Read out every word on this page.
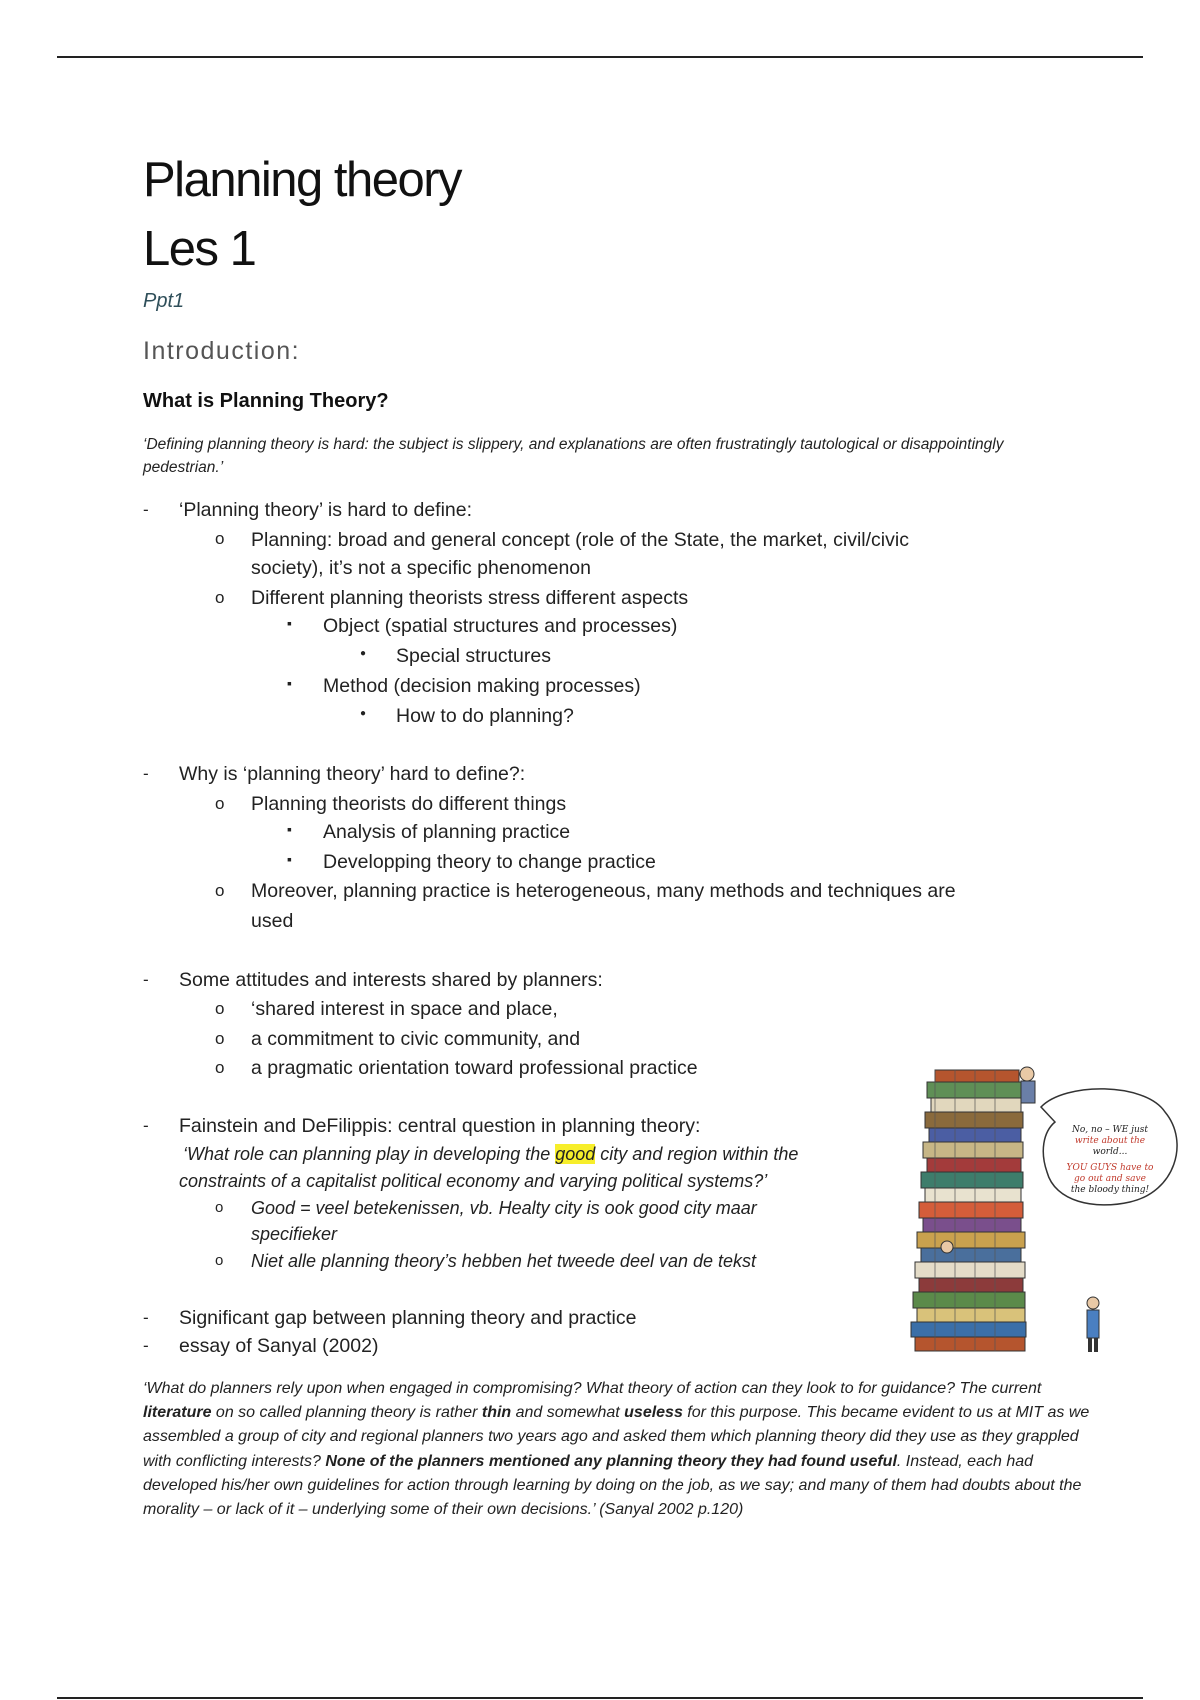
Planning theory
Les 1
Ppt1
Introduction:
What is Planning Theory?
‘Defining planning theory is hard: the subject is slippery, and explanations are often frustratingly tautological or disappointingly pedestrian.’
- ‘Planning theory’ is hard to define:
o Planning: broad and general concept (role of the State, the market, civil/civic
society), it’s not a specific phenomenon
o Different planning theorists stress different aspects
▪ Object (spatial structures and processes)
● Special structures
▪ Method (decision making processes)
● How to do planning?
- Why is ‘planning theory’ hard to define?:
o Planning theorists do different things
▪ Analysis of planning practice
▪ Developping theory to change practice
o Moreover, planning practice is heterogeneous, many methods and techniques are
used
- Some attitudes and interests shared by planners:
o ‘shared interest in space and place,
o a commitment to civic community, and
o a pragmatic orientation toward professional practice
- Fainstein and DeFilippis: central question in planning theory:
‘What role can planning play in developing the good city and region within the
constraints of a capitalist political economy and varying political systems?’
o Good = veel betekenissen, vb. Healty city is ook good city maar
specifieker
o Niet alle planning theory’s hebben het tweede deel van de tekst
- Significant gap between planning theory and practice
- essay of Sanyal (2002)
‘What do planners rely upon when engaged in compromising? What theory of action can they look to for guidance? The current literature on so called planning theory is rather thin and somewhat useless for this purpose. This became evident to us at MIT as we assembled a group of city and regional planners two years ago and asked them which planning theory did they use as they grappled with conflicting interests? None of the planners mentioned any planning theory they had found useful. Instead, each had developed his/her own guidelines for action through learning by doing on the job, as we say; and many of them had doubts about the morality – or lack of it – underlying some of their own decisions.’ (Sanyal 2002 p.120)
No, no – WE just
write about the
world...
YOU GUYS have to
go out and save
the bloody thing!
